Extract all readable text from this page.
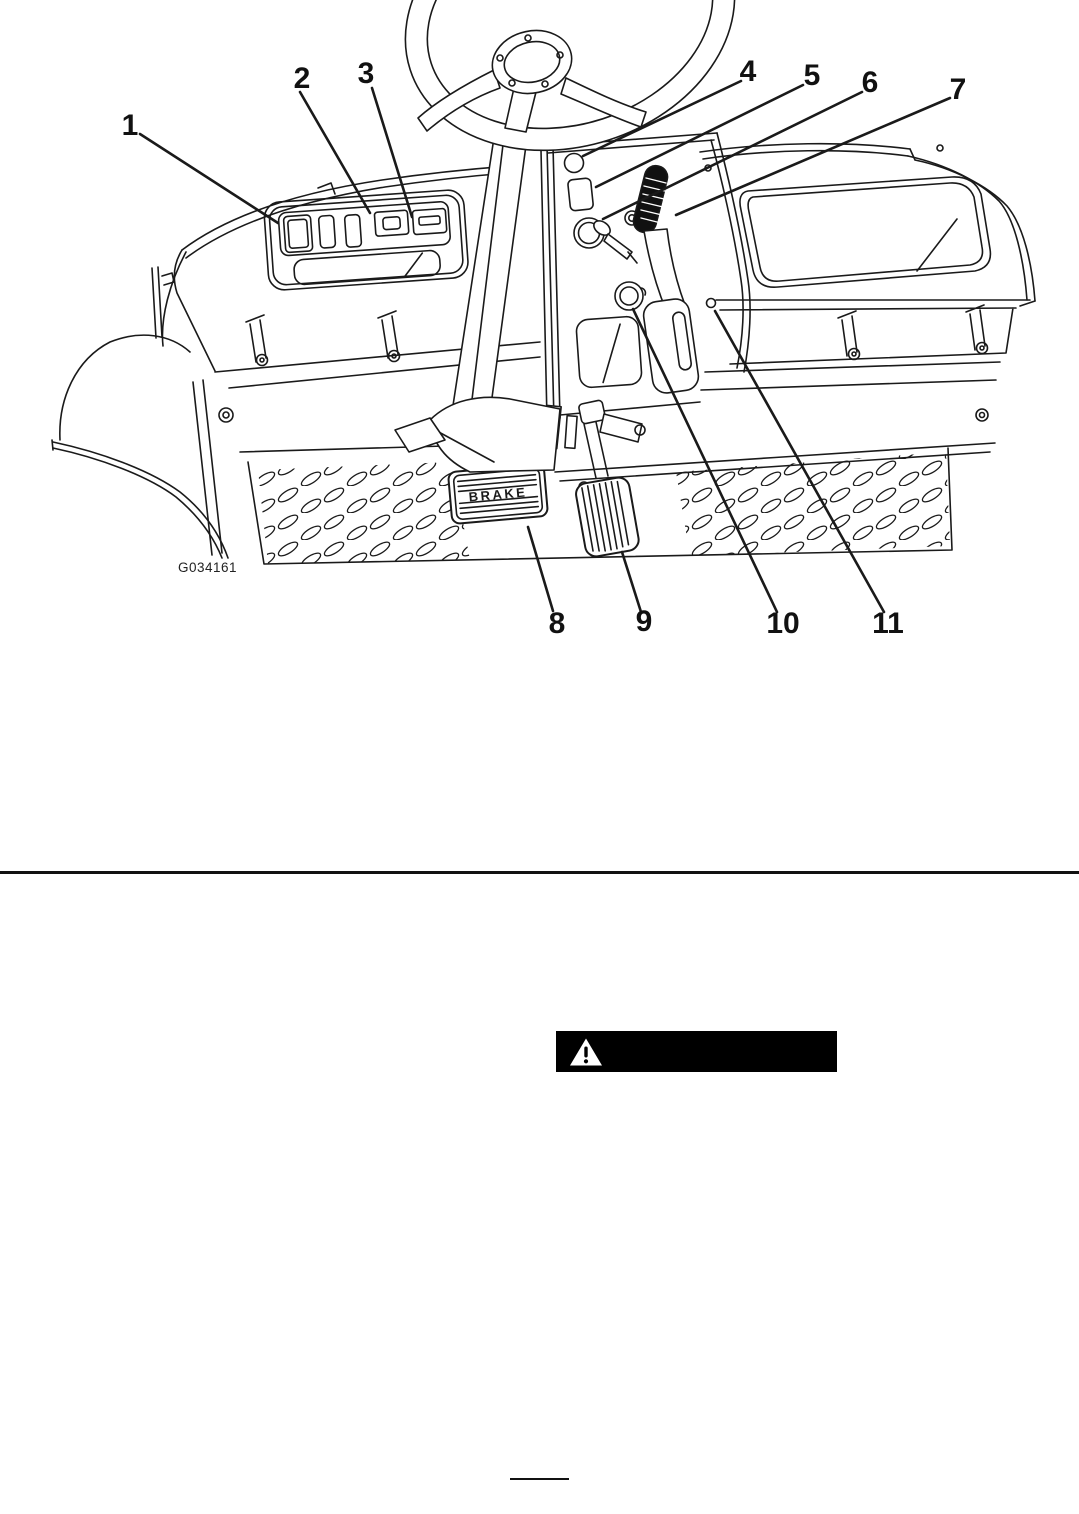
BRAKE
1
2 3	4 5 6 7
8 9	10 11
G034161
